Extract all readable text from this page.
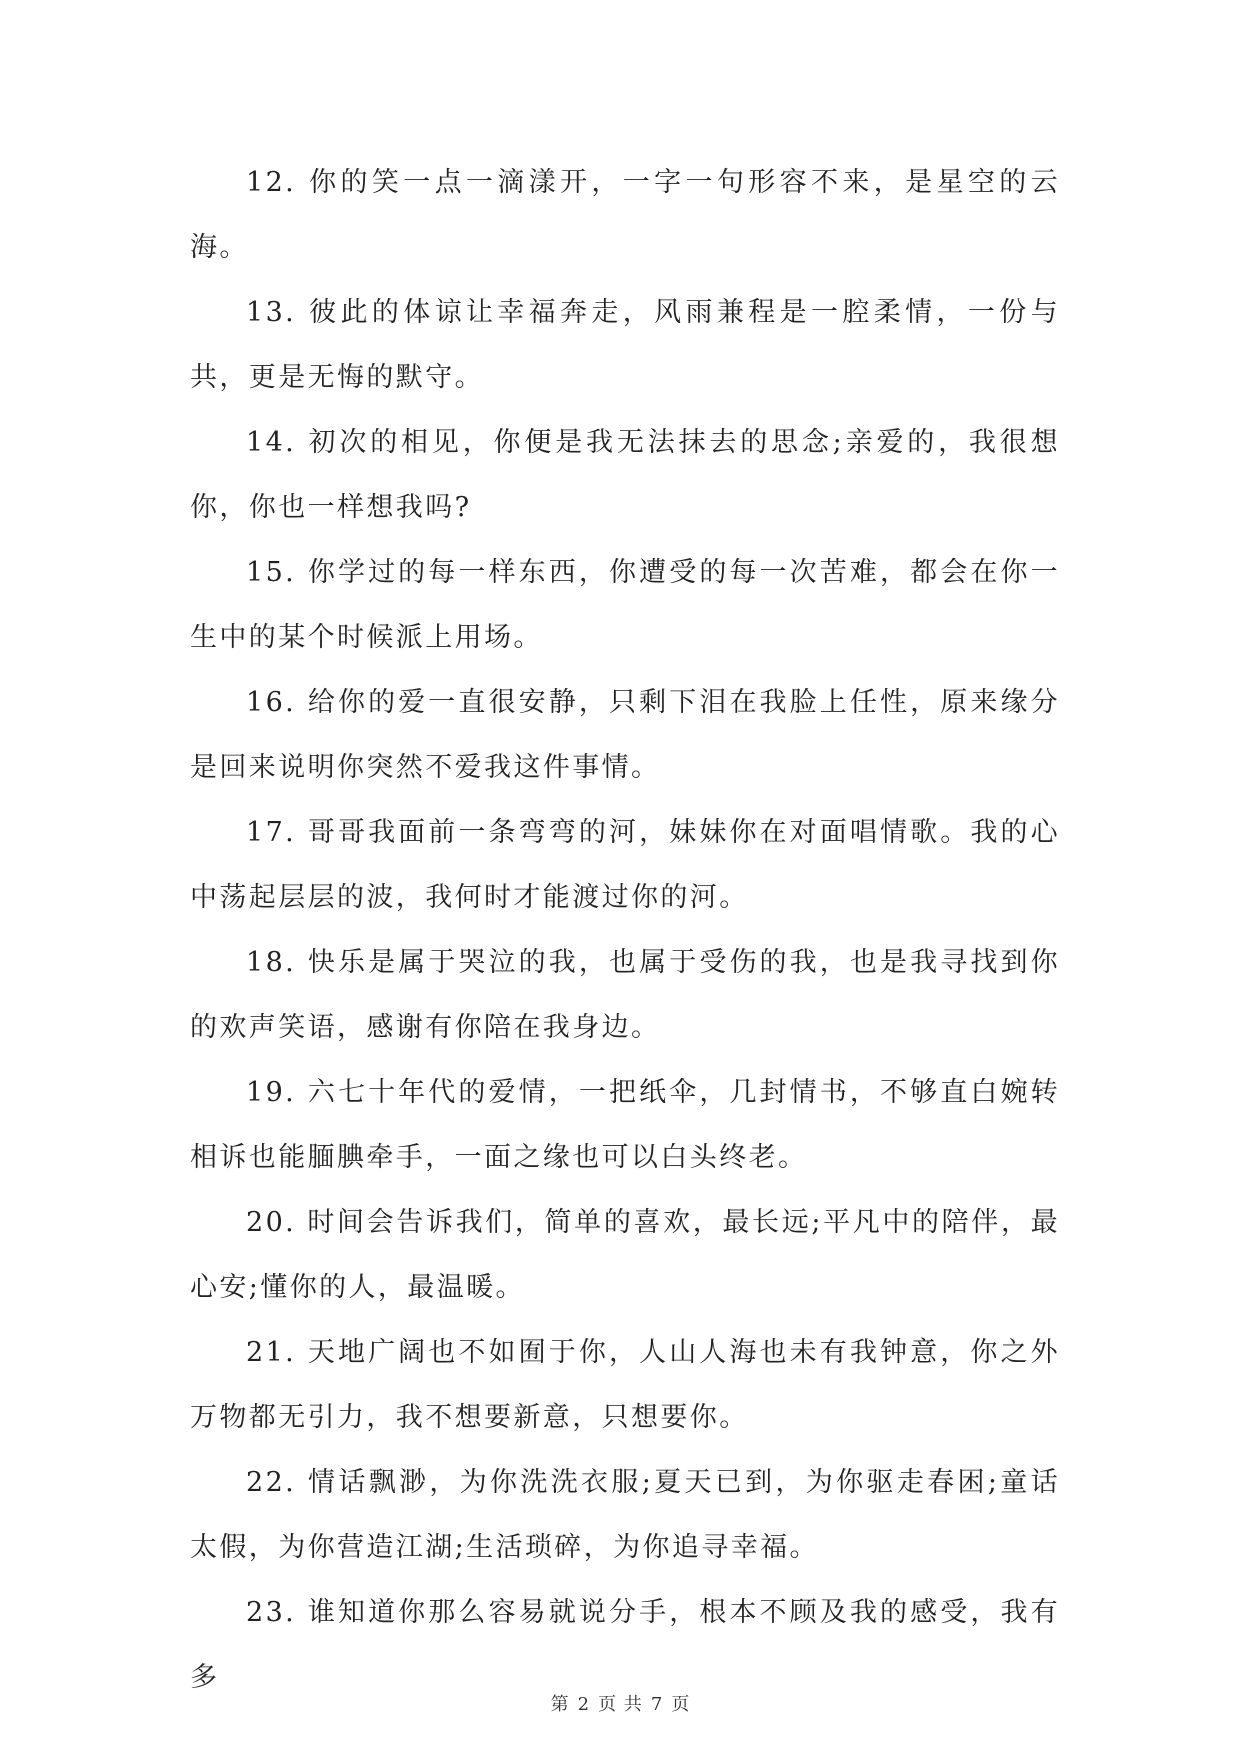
12. 你的笑一点一滴漾开，一字一句形容不来，是星空的云海。

13. 彼此的体谅让幸福奔走，风雨兼程是一腔柔情，一份与共，更是无悔的默守。

14. 初次的相见，你便是我无法抹去的思念;亲爱的，我很想你，你也一样想我吗?

15. 你学过的每一样东西，你遭受的每一次苦难，都会在你一生中的某个时候派上用场。

16. 给你的爱一直很安静，只剩下泪在我脸上任性，原来缘分是回来说明你突然不爱我这件事情。

17. 哥哥我面前一条弯弯的河，妹妹你在对面唱情歌。我的心中荡起层层的波，我何时才能渡过你的河。

18. 快乐是属于哭泣的我，也属于受伤的我，也是我寻找到你的欢声笑语，感谢有你陪在我身边。

19. 六七十年代的爱情，一把纸伞，几封情书，不够直白婉转相诉也能腼腆牵手，一面之缘也可以白头终老。

20. 时间会告诉我们，简单的喜欢，最长远;平凡中的陪伴，最心安;懂你的人，最温暖。

21. 天地广阔也不如囿于你，人山人海也未有我钟意，你之外万物都无引力，我不想要新意，只想要你。

22. 情话飘渺，为你洗洗衣服;夏天已到，为你驱走春困;童话太假，为你营造江湖;生活琐碎，为你追寻幸福。

23. 谁知道你那么容易就说分手，根本不顾及我的感受，我有多

第 2 页 共 7 页
